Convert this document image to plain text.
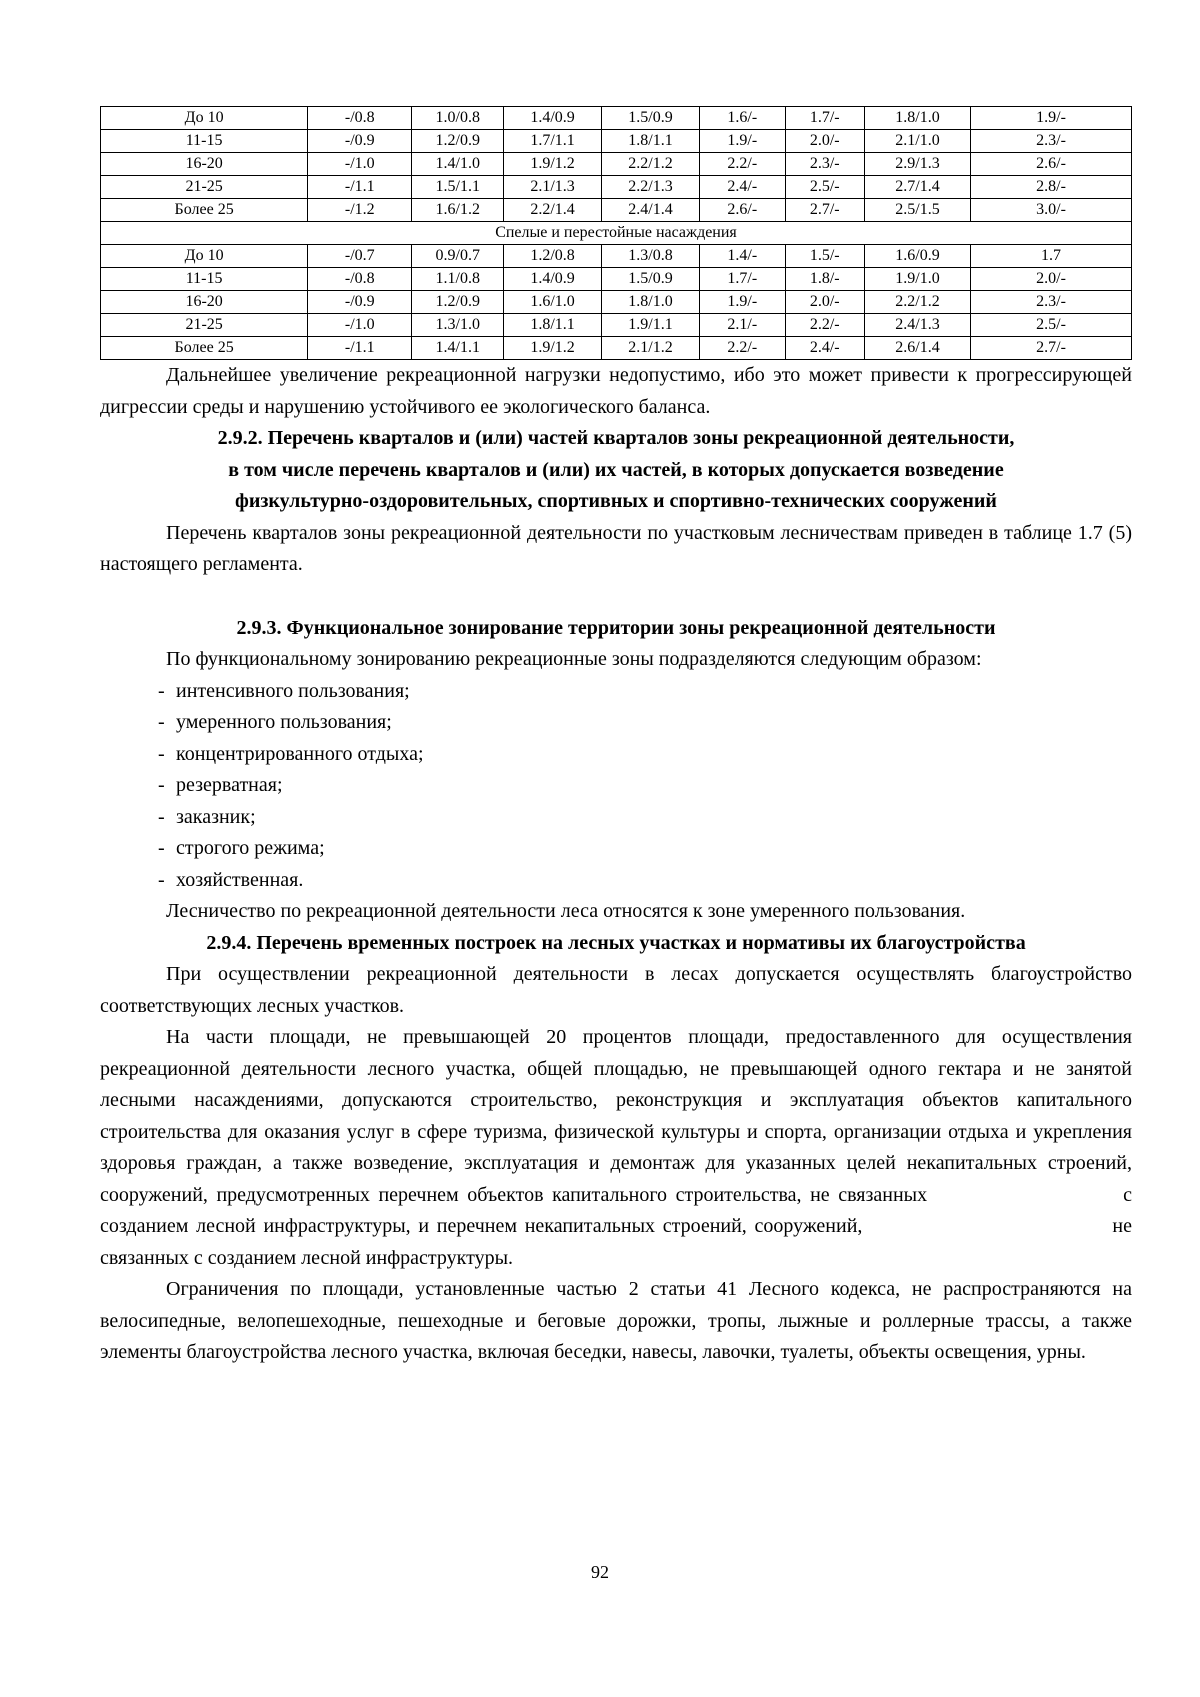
До 10	-/0.8	1.0/0.8	1.4/0.9	1.5/0.9	1.6/-	1.7/-	1.8/1.0	1.9/-
11-15	-/0.9	1.2/0.9	1.7/1.1	1.8/1.1	1.9/-	2.0/-	2.1/1.0	2.3/-
16-20	-/1.0	1.4/1.0	1.9/1.2	2.2/1.2	2.2/-	2.3/-	2.9/1.3	2.6/-
21-25	-/1.1	1.5/1.1	2.1/1.3	2.2/1.3	2.4/-	2.5/-	2.7/1.4	2.8/-
Более 25	-/1.2	1.6/1.2	2.2/1.4	2.4/1.4	2.6/-	2.7/-	2.5/1.5	3.0/-
Спелые и перестойные насаждения								
До 10	-/0.7	0.9/0.7	1.2/0.8	1.3/0.8	1.4/-	1.5/-	1.6/0.9	1.7
11-15	-/0.8	1.1/0.8	1.4/0.9	1.5/0.9	1.7/-	1.8/-	1.9/1.0	2.0/-
16-20	-/0.9	1.2/0.9	1.6/1.0	1.8/1.0	1.9/-	2.0/-	2.2/1.2	2.3/-
21-25	-/1.0	1.3/1.0	1.8/1.1	1.9/1.1	2.1/-	2.2/-	2.4/1.3	2.5/-
Более 25	-/1.1	1.4/1.1	1.9/1.2	2.1/1.2	2.2/-	2.4/-	2.6/1.4	2.7/-

Дальнейшее увеличение рекреационной нагрузки недопустимо, ибо это может привести к прогрессирующей дигрессии среды и нарушению устойчивого ее экологического баланса.

2.9.2. Перечень кварталов и (или) частей кварталов зоны рекреационной деятельности,
в том числе перечень кварталов и (или) их частей, в которых допускается возведение
физкультурно-оздоровительных, спортивных и спортивно-технических сооружений

Перечень кварталов зоны рекреационной деятельности по участковым лесничествам приведен в таблице 1.7 (5) настоящего регламента.

2.9.3. Функциональное зонирование территории зоны рекреационной деятельности

По функциональному зонированию рекреационные зоны подразделяются следующим образом:

- интенсивного пользования;
- умеренного пользования;
- концентрированного отдыха;
- резерватная;
- заказник;
- строгого режима;
- хозяйственная.

Лесничество по рекреационной деятельности леса относятся к зоне умеренного пользования.

2.9.4. Перечень временных построек на лесных участках и нормативы их благоустройства

При осуществлении рекреационной деятельности в лесах допускается осуществлять благоустройство соответствующих лесных участков.

На части площади, не превышающей 20 процентов площади, предоставленного для осуществления рекреационной деятельности лесного участка, общей площадью, не превышающей одного гектара и не занятой лесными насаждениями, допускаются строительство, реконструкция и эксплуатация объектов капитального строительства для оказания услуг в сфере туризма, физической культуры и спорта, организации отдыха и укрепления здоровья граждан, а также возведение, эксплуатация и демонтаж для указанных целей некапитальных строений, сооружений, предусмотренных перечнем объектов капитального строительства, не связанных	с созданием лесной инфраструктуры, и перечнем некапитальных строений, сооружений,	не связанных с созданием лесной инфраструктуры.

Ограничения по площади, установленные частью 2 статьи 41 Лесного кодекса, не распространяются на велосипедные, велопешеходные, пешеходные и беговые дорожки, тропы, лыжные и роллерные трассы, а также элементы благоустройства лесного участка, включая беседки, навесы, лавочки, туалеты, объекты освещения, урны.

92
